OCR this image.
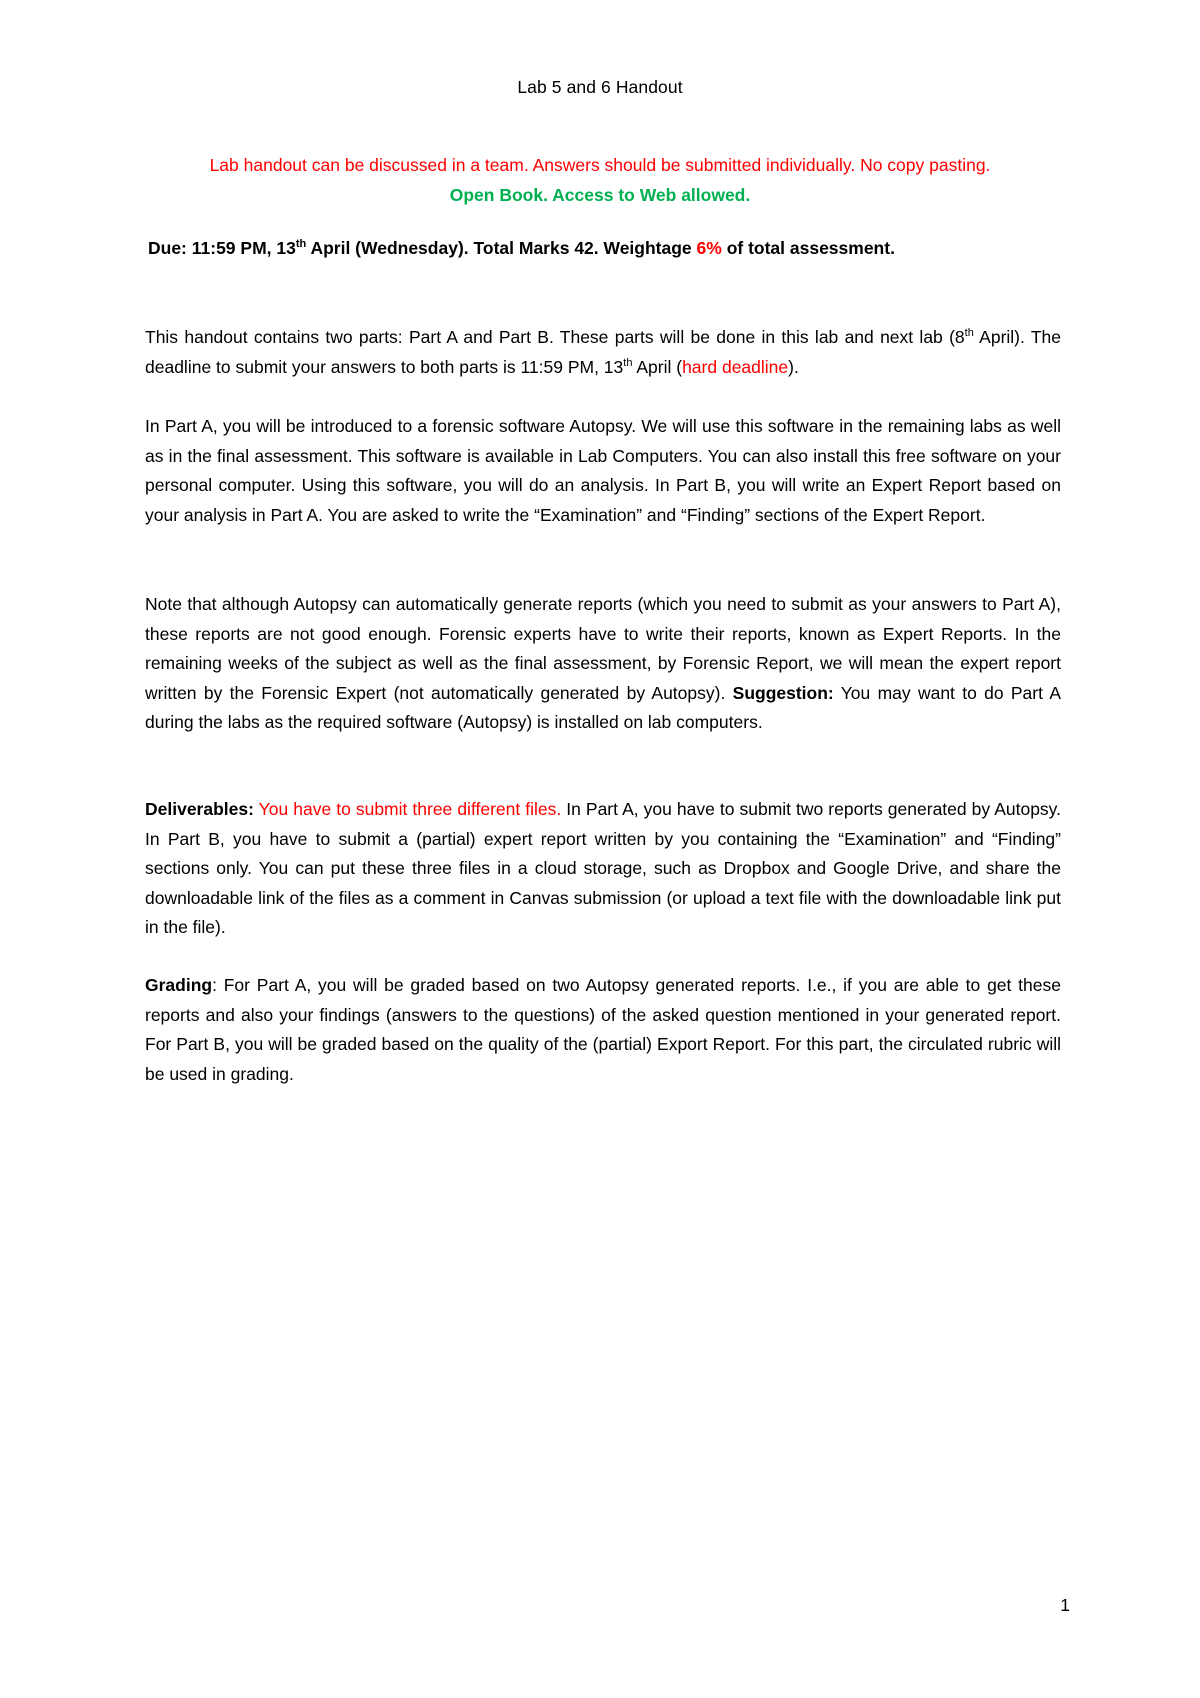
Lab 5 and 6 Handout
Lab handout can be discussed in a team. Answers should be submitted individually. No copy pasting.
Open Book. Access to Web allowed.
Due: 11:59 PM, 13th April (Wednesday). Total Marks 42. Weightage 6% of total assessment.

This handout contains two parts: Part A and Part B. These parts will be done in this lab and next lab (8th April). The deadline to submit your answers to both parts is 11:59 PM, 13th April (hard deadline).

In Part A, you will be introduced to a forensic software Autopsy. We will use this software in the remaining labs as well as in the final assessment. This software is available in Lab Computers. You can also install this free software on your personal computer. Using this software, you will do an analysis. In Part B, you will write an Expert Report based on your analysis in Part A. You are asked to write the “Examination” and “Finding” sections of the Expert Report.

Note that although Autopsy can automatically generate reports (which you need to submit as your answers to Part A), these reports are not good enough. Forensic experts have to write their reports, known as Expert Reports. In the remaining weeks of the subject as well as the final assessment, by Forensic Report, we will mean the expert report written by the Forensic Expert (not automatically generated by Autopsy). Suggestion: You may want to do Part A during the labs as the required software (Autopsy) is installed on lab computers.

Deliverables: You have to submit three different files. In Part A, you have to submit two reports generated by Autopsy. In Part B, you have to submit a (partial) expert report written by you containing the “Examination” and “Finding” sections only. You can put these three files in a cloud storage, such as Dropbox and Google Drive, and share the downloadable link of the files as a comment in Canvas submission (or upload a text file with the downloadable link put in the file).

Grading: For Part A, you will be graded based on two Autopsy generated reports. I.e., if you are able to get these reports and also your findings (answers to the questions) of the asked question mentioned in your generated report. For Part B, you will be graded based on the quality of the (partial) Export Report. For this part, the circulated rubric will be used in grading.

1
